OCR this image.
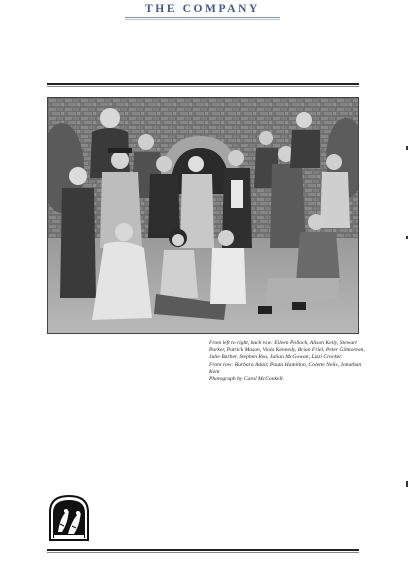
THE COMPANY

From left to right, back row: Eileen Pollock, Alison Kelly, Stewart Parker, Patrick Mason, Viola Kennedy, Brian Friel, Peter Gilmorean, Julie Barber, Stephen Rea, Julian McGowan, Lizzi Crocker.

Front row: Barbara Adair, Paula Hamilton, Colette Nelis, Jonathan Kent

Photograph by Carol McConkell.
